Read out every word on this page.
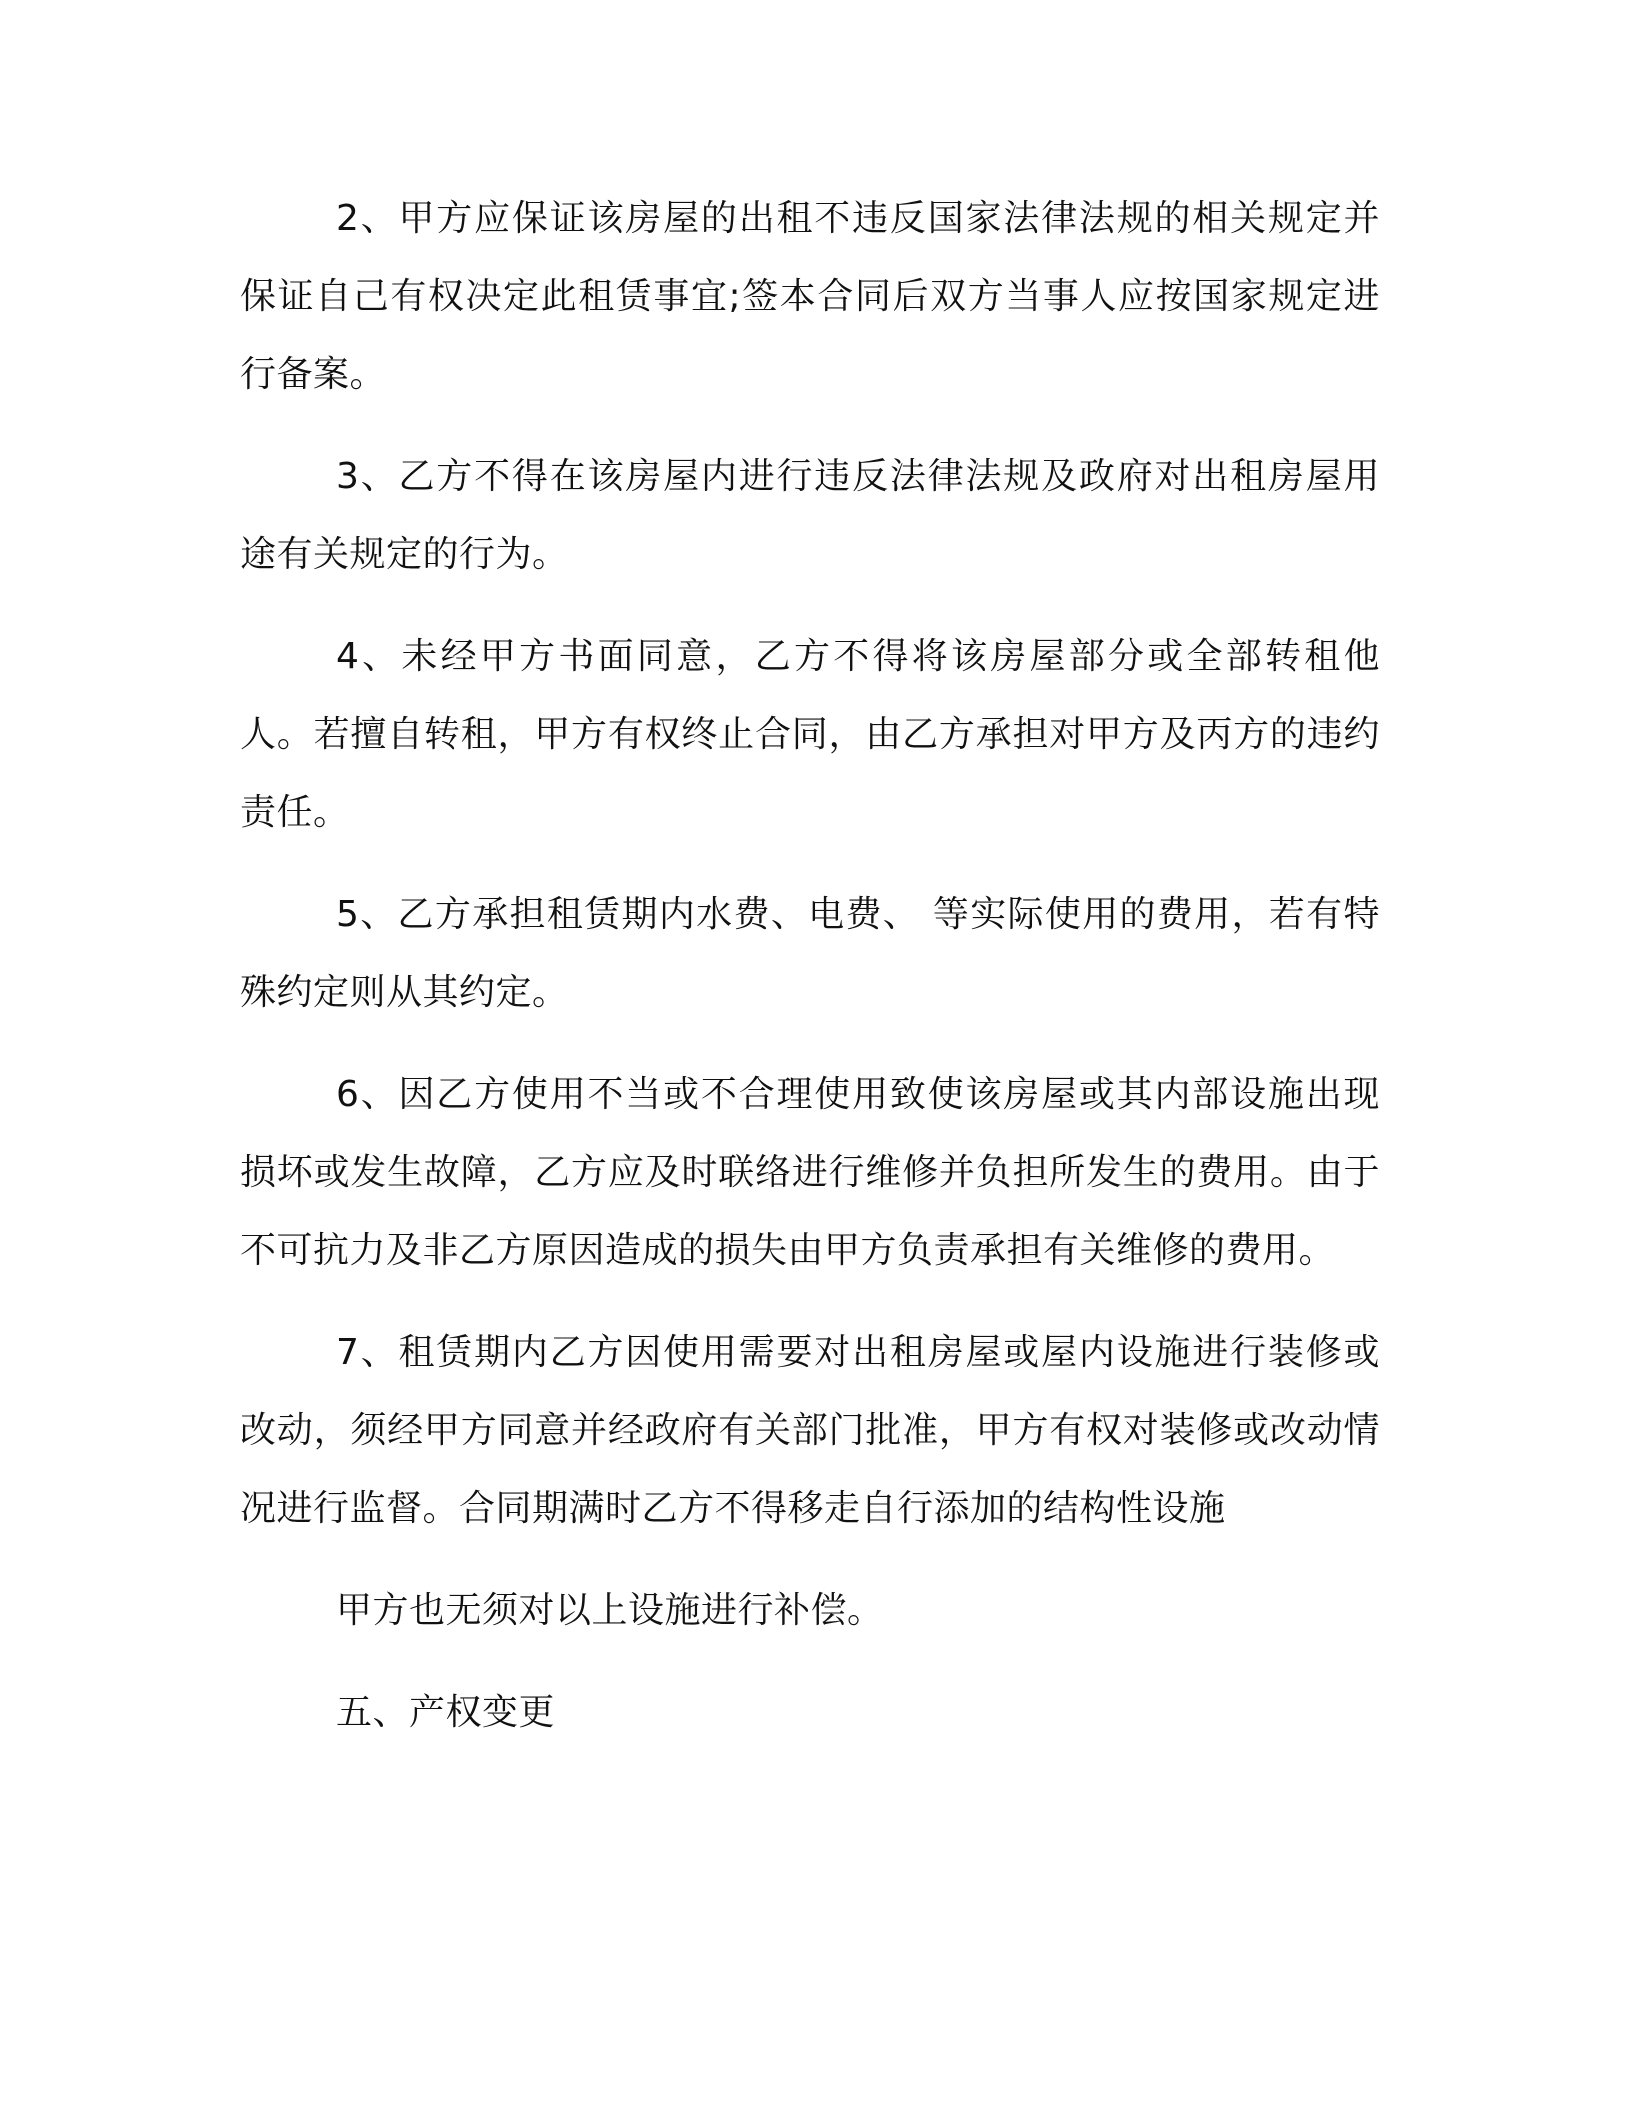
2、甲方应保证该房屋的出租不违反国家法律法规的相关规定并保证自己有权决定此租赁事宜;签本合同后双方当事人应按国家规定进行备案。

3、乙方不得在该房屋内进行违反法律法规及政府对出租房屋用途有关规定的行为。

4、未经甲方书面同意，乙方不得将该房屋部分或全部转租他人。若擅自转租，甲方有权终止合同，由乙方承担对甲方及丙方的违约责任。

5、乙方承担租赁期内水费、电费、 等实际使用的费用，若有特殊约定则从其约定。

6、因乙方使用不当或不合理使用致使该房屋或其内部设施出现损坏或发生故障，乙方应及时联络进行维修并负担所发生的费用。由于不可抗力及非乙方原因造成的损失由甲方负责承担有关维修的费用。

7、租赁期内乙方因使用需要对出租房屋或屋内设施进行装修或改动，须经甲方同意并经政府有关部门批准，甲方有权对装修或改动情况进行监督。合同期满时乙方不得移走自行添加的结构性设施

甲方也无须对以上设施进行补偿。

五、产权变更
